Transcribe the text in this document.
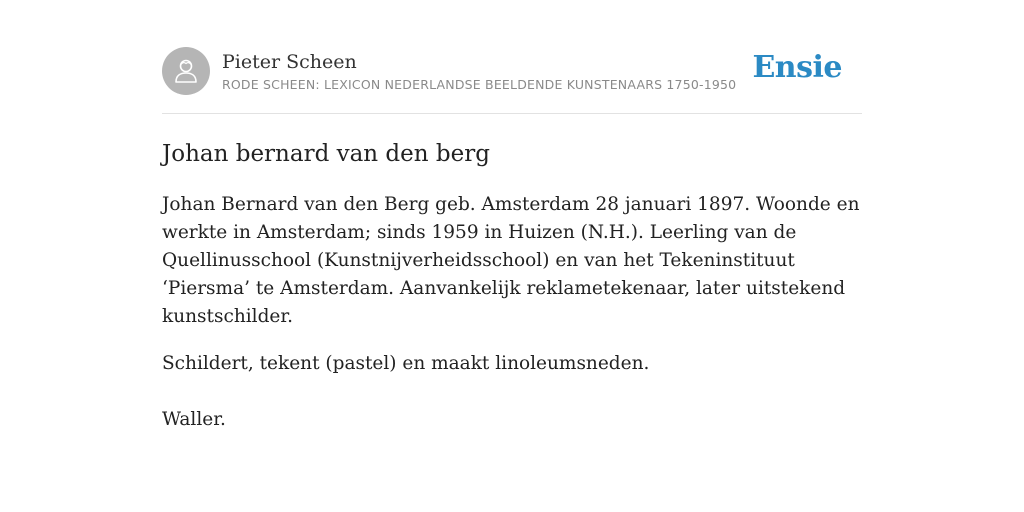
Pieter Scheen
RODE SCHEEN: LEXICON NEDERLANDSE BEELDENDE KUNSTENAARS 1750-1950 Ensie
Johan bernard van den berg

Johan Bernard van den Berg geb. Amsterdam 28 januari 1897. Woonde en werkte in Amsterdam; sinds 1959 in Huizen (N.H.). Leerling van de Quellinusschool (Kunstnijverheidsschool) en van het Tekeninstituut ‘Piersma’ te Amsterdam. Aanvankelijk reklametekenaar, later uitstekend kunstschilder.

Schildert, tekent (pastel) en maakt linoleumsneden.

Waller.
